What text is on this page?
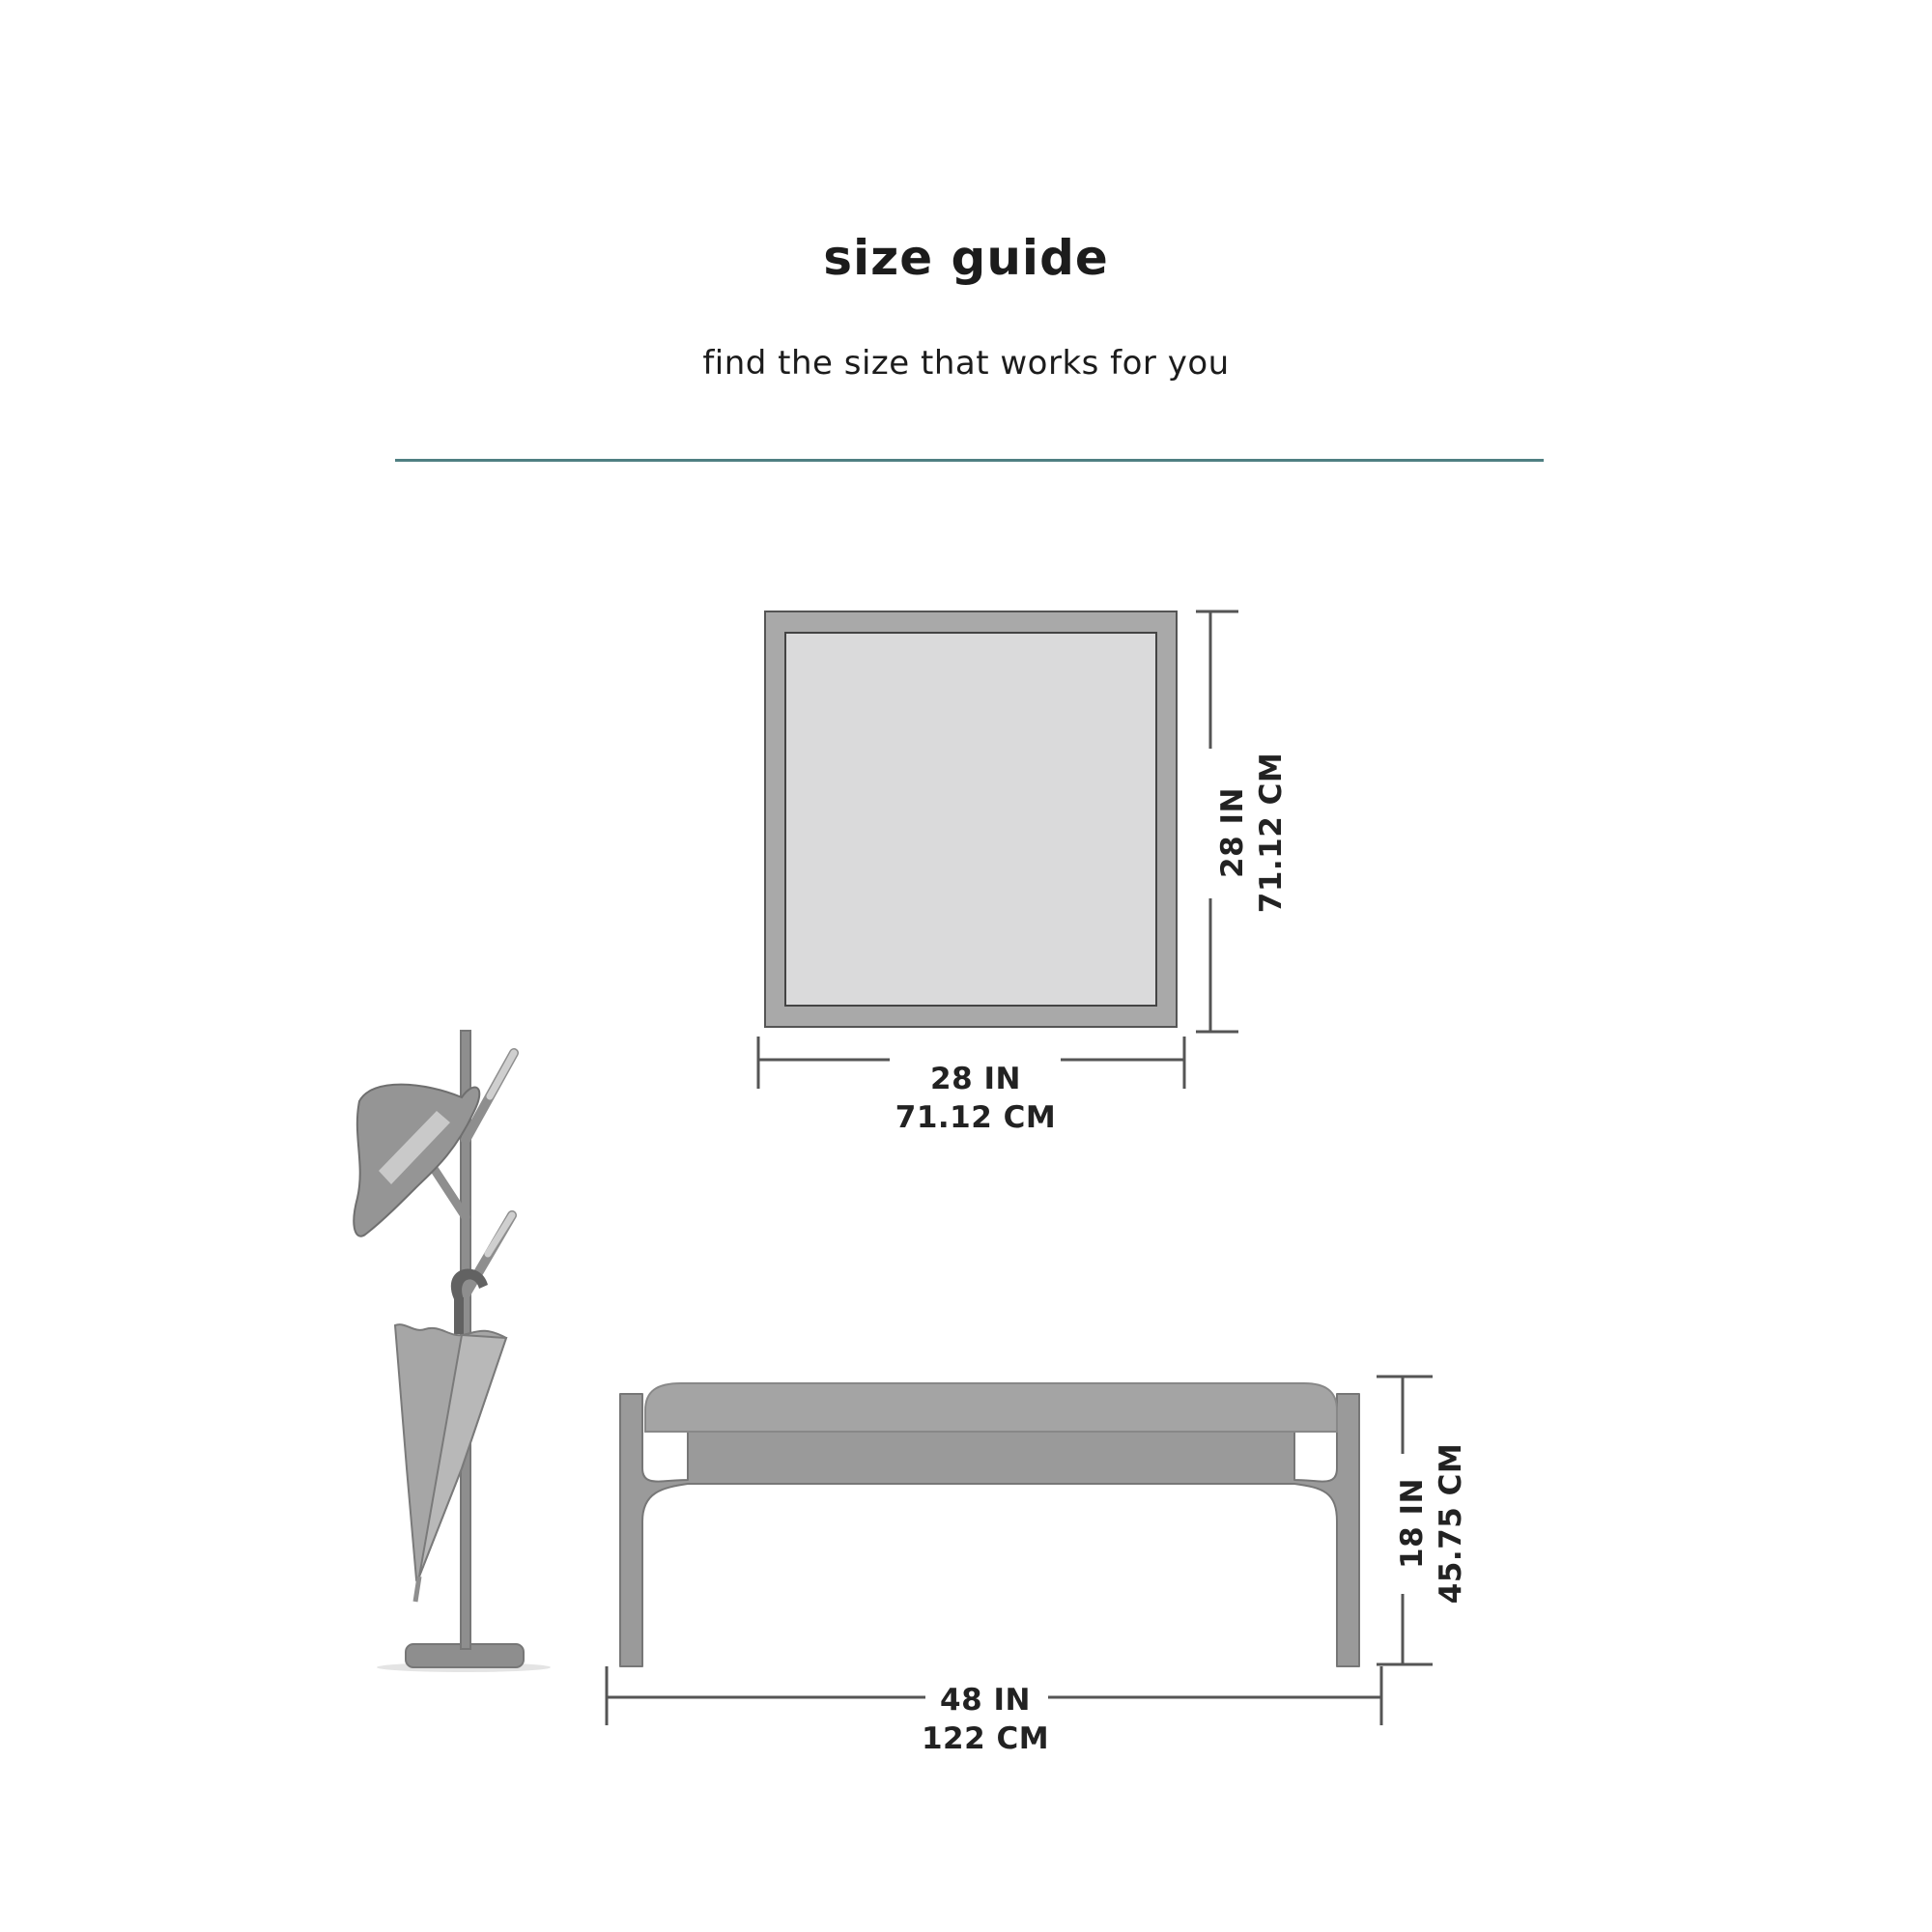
size guide

find the size that works for you

28 IN
71.12 CM
28 IN 71.12 CM
48 IN
122 CM
18 IN 45.75 CM
